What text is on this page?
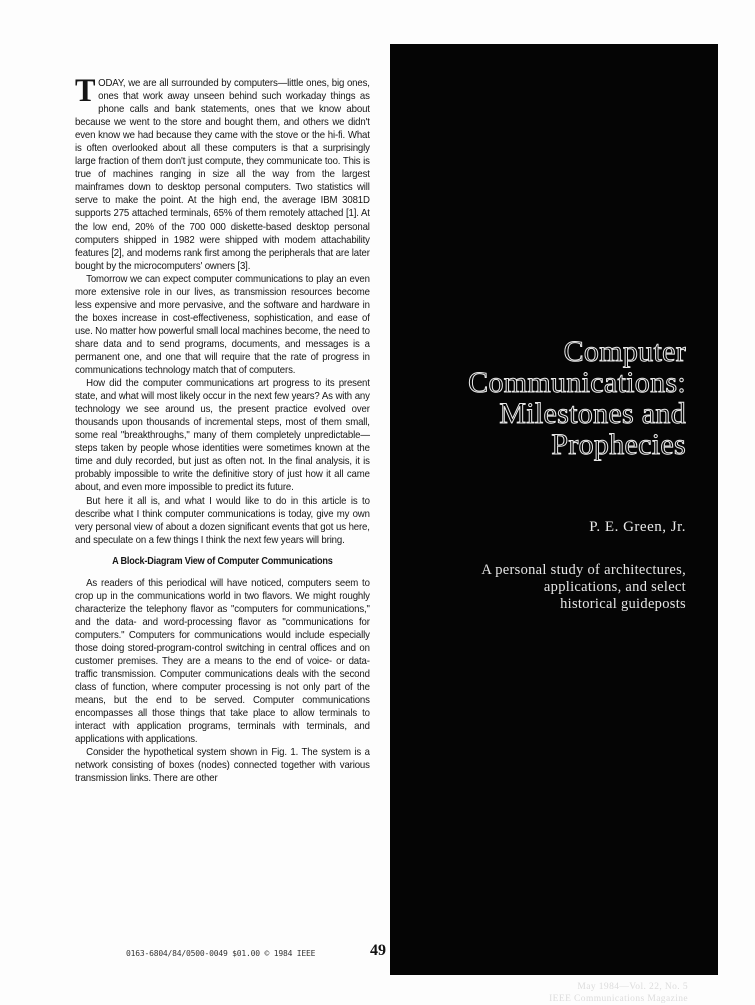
TODAY, we are all surrounded by computers—little ones, big ones, ones that work away unseen behind such workaday things as phone calls and bank statements, ones that we know about because we went to the store and bought them, and others we didn't even know we had because they came with the stove or the hi-fi. What is often overlooked about all these computers is that a surprisingly large fraction of them don't just compute, they communicate too. This is true of machines ranging in size all the way from the largest mainframes down to desktop personal computers. Two statistics will serve to make the point. At the high end, the average IBM 3081D supports 275 attached terminals, 65% of them remotely attached [1]. At the low end, 20% of the 700 000 diskette-based desktop personal computers shipped in 1982 were shipped with modem attachability features [2], and modems rank first among the peripherals that are later bought by the microcomputers' owners [3].

Tomorrow we can expect computer communications to play an even more extensive role in our lives, as transmission resources become less expensive and more pervasive, and the software and hardware in the boxes increase in cost-effectiveness, sophistication, and ease of use. No matter how powerful small local machines become, the need to share data and to send programs, documents, and messages is a permanent one, and one that will require that the rate of progress in communications technology match that of computers.

How did the computer communications art progress to its present state, and what will most likely occur in the next few years? As with any technology we see around us, the present practice evolved over thousands upon thousands of incremental steps, most of them small, some real "breakthroughs," many of them completely unpredictable—steps taken by people whose identities were sometimes known at the time and duly recorded, but just as often not. In the final analysis, it is probably impossible to write the definitive story of just how it all came about, and even more impossible to predict its future.

But here it all is, and what I would like to do in this article is to describe what I think computer communications is today, give my own very personal view of about a dozen significant events that got us here, and speculate on a few things I think the next few years will bring.

A Block-Diagram View of Computer Communications

As readers of this periodical will have noticed, computers seem to crop up in the communications world in two flavors. We might roughly characterize the telephony flavor as "computers for communications," and the data- and word-processing flavor as "communications for computers." Computers for communications would include especially those doing stored-program-control switching in central offices and on customer premises. They are a means to the end of voice- or data-traffic transmission. Computer communications deals with the second class of function, where computer processing is not only part of the means, but the end to be served. Computer communications encompasses all those things that take place to allow terminals to interact with application programs, terminals with terminals, and applications with applications.

Consider the hypothetical system shown in Fig. 1. The system is a network consisting of boxes (nodes) connected together with various transmission links. There are other

Computer Communications: Milestones and Prophecies
P. E. Green, Jr.
A personal study of architectures,
applications, and select
historical guideposts
May 1984—Vol. 22, No. 5
IEEE Communications Magazine
0163-6804/84/0500-0049 $01.00 © 1984 IEEE	49
